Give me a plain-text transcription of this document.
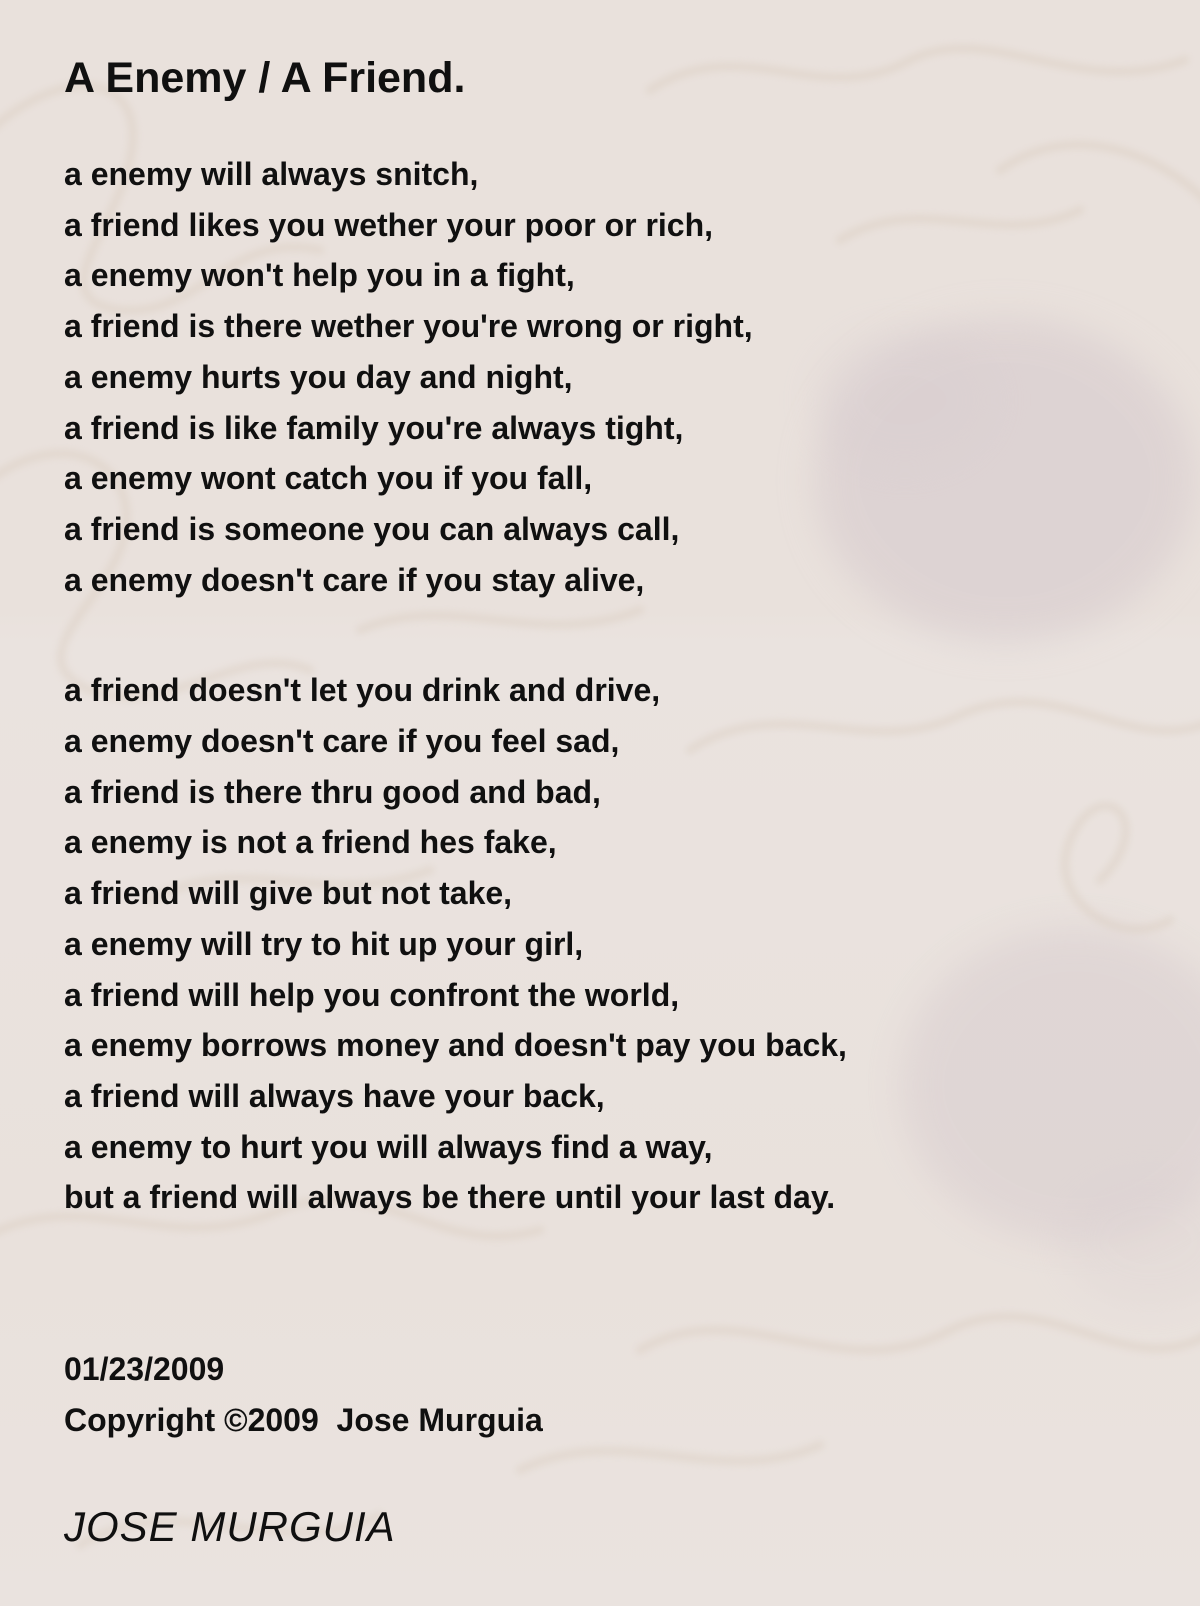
A Enemy / A Friend.
a enemy will always snitch,
a friend likes you wether your poor or rich,
a enemy won't help you in a fight,
a friend is there wether you're wrong or right,
a enemy hurts you day and night,
a friend is like family you're always tight,
a enemy wont catch you if you fall,
a friend is someone you can always call,
a enemy doesn't care if you stay alive,
a friend doesn't let you drink and drive,
a enemy doesn't care if you feel sad,
a friend is there thru good and bad,
a enemy is not a friend hes fake,
a friend will give but not take,
a enemy will try to hit up your girl,
a friend will help you confront the world,
a enemy borrows money and doesn't pay you back,
a friend will always have your back,
a enemy to hurt you will always find a way,
but a friend will always be there until your last day.
01/23/2009
Copyright ©2009  Jose Murguia
JOSE MURGUIA
